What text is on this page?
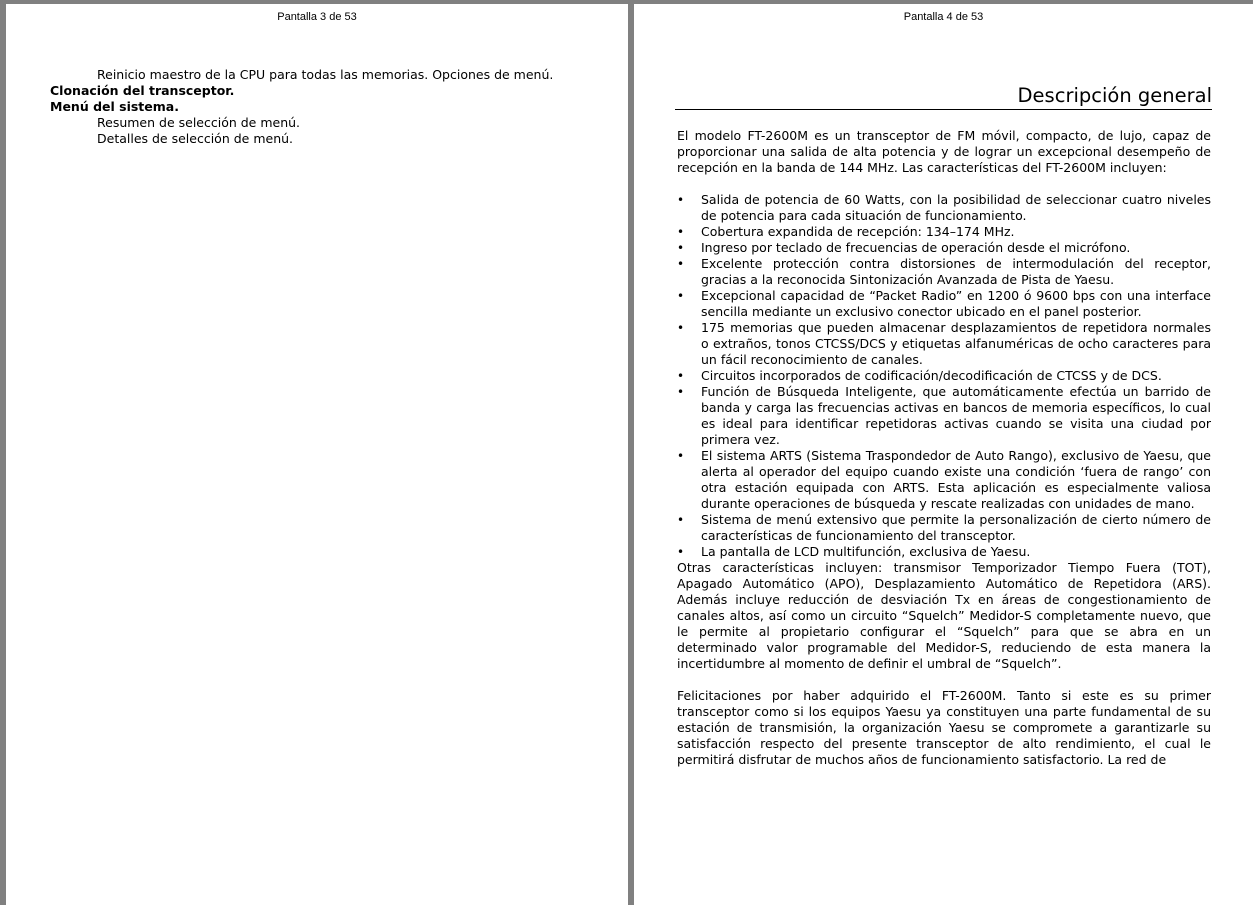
Pantalla 3 de 53
Reinicio maestro de la CPU para todas las memorias. Opciones de menú.
Clonación del transceptor.
Menú del sistema.
Resumen de selección de menú.
Detalles de selección de menú.
Pantalla 4 de 53
Descripción general

El modelo FT-2600M es un transceptor de FM móvil, compacto, de lujo, capaz de proporcionar una salida de alta potencia y de lograr un excepcional desempeño de recepción en la banda de 144 MHz. Las características del FT-2600M incluyen:

• Salida de potencia de 60 Watts, con la posibilidad de seleccionar cuatro niveles de potencia para cada situación de funcionamiento.
• Cobertura expandida de recepción: 134–174 MHz.
• Ingreso por teclado de frecuencias de operación desde el micrófono.
• Excelente protección contra distorsiones de intermodulación del receptor, gracias a la reconocida Sintonización Avanzada de Pista de Yaesu.
• Excepcional capacidad de “Packet Radio” en 1200 ó 9600 bps con una interface sencilla mediante un exclusivo conector ubicado en el panel posterior.
• 175 memorias que pueden almacenar desplazamientos de repetidora normales o extraños, tonos CTCSS/DCS y etiquetas alfanuméricas de ocho caracteres para un fácil reconocimiento de canales.
• Circuitos incorporados de codificación/decodificación de CTCSS y de DCS.
• Función de Búsqueda Inteligente, que automáticamente efectúa un barrido de banda y carga las frecuencias activas en bancos de memoria específicos, lo cual es ideal para identificar repetidoras activas cuando se visita una ciudad por primera vez.
• El sistema ARTS (Sistema Traspondedor de Auto Rango), exclusivo de Yaesu, que alerta al operador del equipo cuando existe una condición ‘fuera de rango’ con otra estación equipada con ARTS. Esta aplicación es especialmente valiosa durante operaciones de búsqueda y rescate realizadas con unidades de mano.
• Sistema de menú extensivo que permite la personalización de cierto número de características de funcionamiento del transceptor.
• La pantalla de LCD multifunción, exclusiva de Yaesu.

Otras características incluyen: transmisor Temporizador Tiempo Fuera (TOT), Apagado Automático (APO), Desplazamiento Automático de Repetidora (ARS). Además incluye reducción de desviación Tx en áreas de congestionamiento de canales altos, así como un circuito “Squelch” Medidor-S completamente nuevo, que le permite al propietario configurar el “Squelch” para que se abra en un determinado valor programable del Medidor-S, reduciendo de esta manera la incertidumbre al momento de definir el umbral de “Squelch”.

Felicitaciones por haber adquirido el FT-2600M. Tanto si este es su primer transceptor como si los equipos Yaesu ya constituyen una parte fundamental de su estación de transmisión, la organización Yaesu se compromete a garantizarle su satisfacción respecto del presente transceptor de alto rendimiento, el cual le permitirá disfrutar de muchos años de funcionamiento satisfactorio. La red de
